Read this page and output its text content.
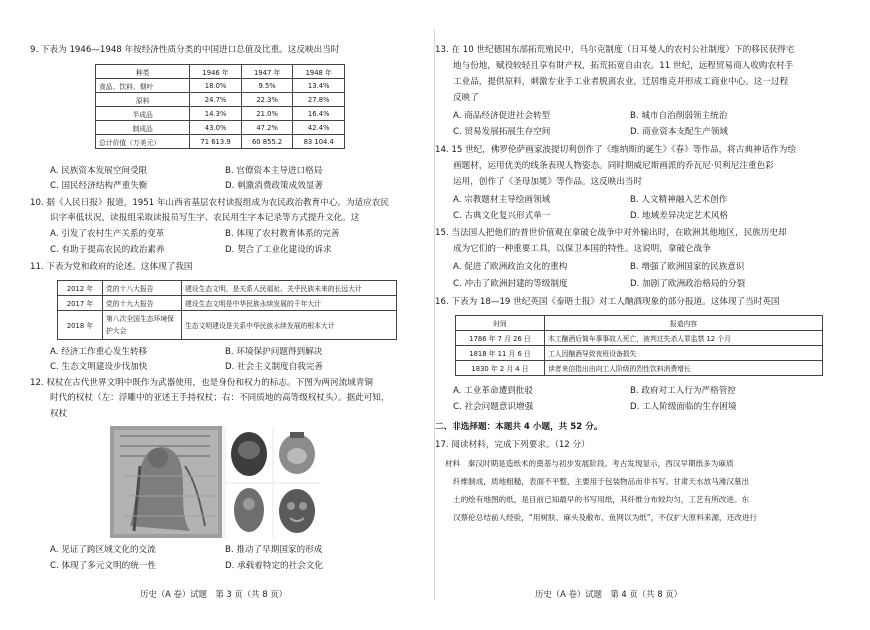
9. 下表为 1946—1948 年按经济性质分类的中国进口总值及比重。这反映出当时
种类	1946 年	1947 年	1948 年
食品、饮料、烟叶	18.0%	9.5%	13.4%
原料	24.7%	22.3%	27.8%
半成品	14.3%	21.0%	16.4%
制成品	43.0%	47.2%	42.4%
总计价值（万美元）	71 613.9	60 855.2	83 104.4
A. 民族资本发展空间受限	B. 官僚资本主导进口格局
C. 国民经济结构严重失衡	D. 刺激消费政策成效显著
10. 据《人民日报》报道，1951 年山西省基层农村读报组成为农民政治教育中心。为适应农民
识字率低状况，读报组采取读报员写生字、农民用生字本记录等方式提升文化。这
A. 引发了农村生产关系的变革	B. 体现了农村教育体系的完善
C. 有助于提高农民的政治素养	D. 契合了工业化建设的诉求
11. 下表为党和政府的论述。这体现了我国
2012 年	党的十八大报告	建设生态文明，是关系人民福祉、关乎民族未来的长远大计
2017 年	党的十九大报告	建设生态文明是中华民族永续发展的千年大计
2018 年	第八次全国生态环境保护大会	生态文明建设是关系中华民族永续发展的根本大计
A. 经济工作重心发生转移	B. 环境保护问题得到解决
C. 生态文明建设步伐加快	D. 社会主义制度自我完善
12. 权杖在古代世界文明中既作为武器使用，也是身份和权力的标志。下图为两河流域青铜
时代的权杖（左：浮雕中的亚述王手持权杖；右：不同质地的高等级权杖头）。据此可知，
权杖
A. 见证了跨区域文化的交流	B. 推动了早期国家的形成
C. 体现了多元文明的统一性	D. 承载着特定的社会文化
历史（A 卷）试题　第 3 页（共 8 页）
13. 在 10 世纪德国东部拓荒殖民中，马尔克制度（日耳曼人的农村公社制度）下的移民获得宅
地与份地，赋役较轻且享有財产权，拓荒拓宽自由农。11 世纪，远程贸易商人收购农村手
工业品，提供原料，刺激专业手工业者脱离农业，迁居维克并形成工商业中心。这一过程
反映了
A. 商品经济促进社会转型	B. 城市自治削弱领主统治
C. 贸易发展拓展生存空间	D. 商业资本支配生产领域
14. 15 世纪，佛罗伦萨画家波提切利创作了《维纳斯的诞生》《春》等作品，将古典神话作为绘
画题材，运用优美的线条表现人物姿态。同时期威尼斯画派的乔瓦尼·贝利尼注重色彩
运用，创作了《圣母加冕》等作品。这反映出当时
A. 宗教题材主导绘画领域	B. 人文精神融入艺术创作
C. 古典文化复兴形式单一	D. 地域差异决定艺术风格
15. 当法国人把他们的普世价值观在拿破仑战争中对外输出时，在欧洲其他地区，民族历史却
成为它们的一种重要工具，以保卫本国的特性。这说明，拿破仑战争
A. 促进了欧洲政治文化的重构	B. 增强了欧洲国家的民族意识
C. 冲击了欧洲封建的等级制度	D. 加剧了欧洲政治格局的分裂
16. 下表为 18—19 世纪英国《泰晤士报》对工人酗酒现象的部分报道。这体现了当时英国
时间	报道内容
1786 年 7 月 26 日	木工酗酒后简车事事故人死亡，被判过失杀人罪监禁 12 个月
1818 年 11 月 6 日	工人因酗酒导致夜班设备损失
1830 年 2 月 4 日	读者来信指出由向工人阶级的烈性饮料消费增长
A. 工业革命遭到批驳	B. 政府对工人行为严格管控
C. 社会问题意识增强	D. 工人阶级面临的生存困境
二、非选择题：本题共 4 小题，共 52 分。
17. 阅读材料，完成下列要求。（12 分）
材料　秦汉时期是造纸术的奠基与初步发展阶段。考古发现显示，西汉早期纸多为麻质
纤维制成，质地粗糙，表面不平整，主要用于包装物品而非书写。甘肃天水放马滩汉墓出
土的绘有地图的纸，是目前已知最早的书写用纸，其纤维分布较均匀，工艺有所改进。东
汉蔡伦总结前人经验，“用树肤、麻头及敝布、鱼网以为纸”，不仅扩大原料来源，还改进行
历史（A 卷）试题　第 4 页（共 8 页）
